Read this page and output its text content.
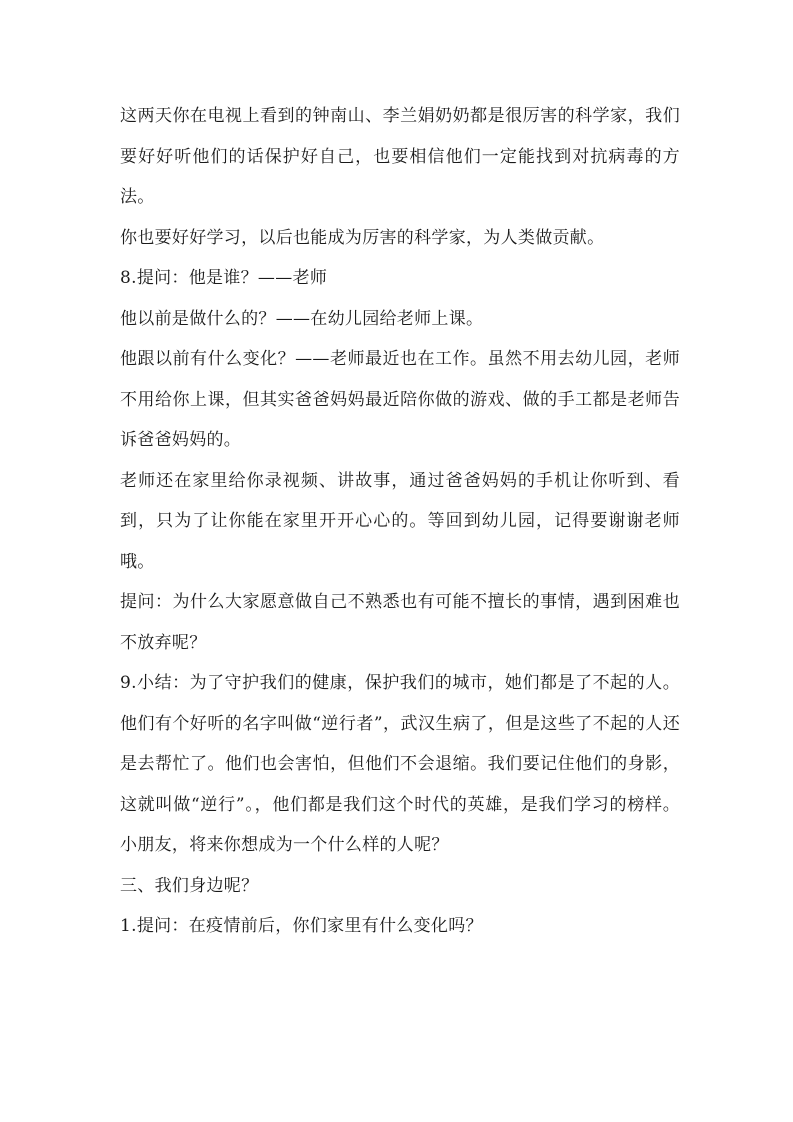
这两天你在电视上看到的钟南山、李兰娟奶奶都是很厉害的科学家，我们要好好听他们的话保护好自己，也要相信他们一定能找到对抗病毒的方法。

你也要好好学习，以后也能成为厉害的科学家，为人类做贡献。

8.提问：他是谁？——老师

他以前是做什么的？——在幼儿园给老师上课。

他跟以前有什么变化？——老师最近也在工作。虽然不用去幼儿园，老师不用给你上课，但其实爸爸妈妈最近陪你做的游戏、做的手工都是老师告诉爸爸妈妈的。

老师还在家里给你录视频、讲故事，通过爸爸妈妈的手机让你听到、看到，只为了让你能在家里开开心心的。等回到幼儿园，记得要谢谢老师哦。

提问：为什么大家愿意做自己不熟悉也有可能不擅长的事情，遇到困难也不放弃呢？

9.小结：为了守护我们的健康，保护我们的城市，她们都是了不起的人。他们有个好听的名字叫做“逆行者”，武汉生病了，但是这些了不起的人还是去帮忙了。他们也会害怕，但他们不会退缩。我们要记住他们的身影，这就叫做“逆行”。，他们都是我们这个时代的英雄，是我们学习的榜样。小朋友，将来你想成为一个什么样的人呢？

三、我们身边呢？

1.提问：在疫情前后，你们家里有什么变化吗？
